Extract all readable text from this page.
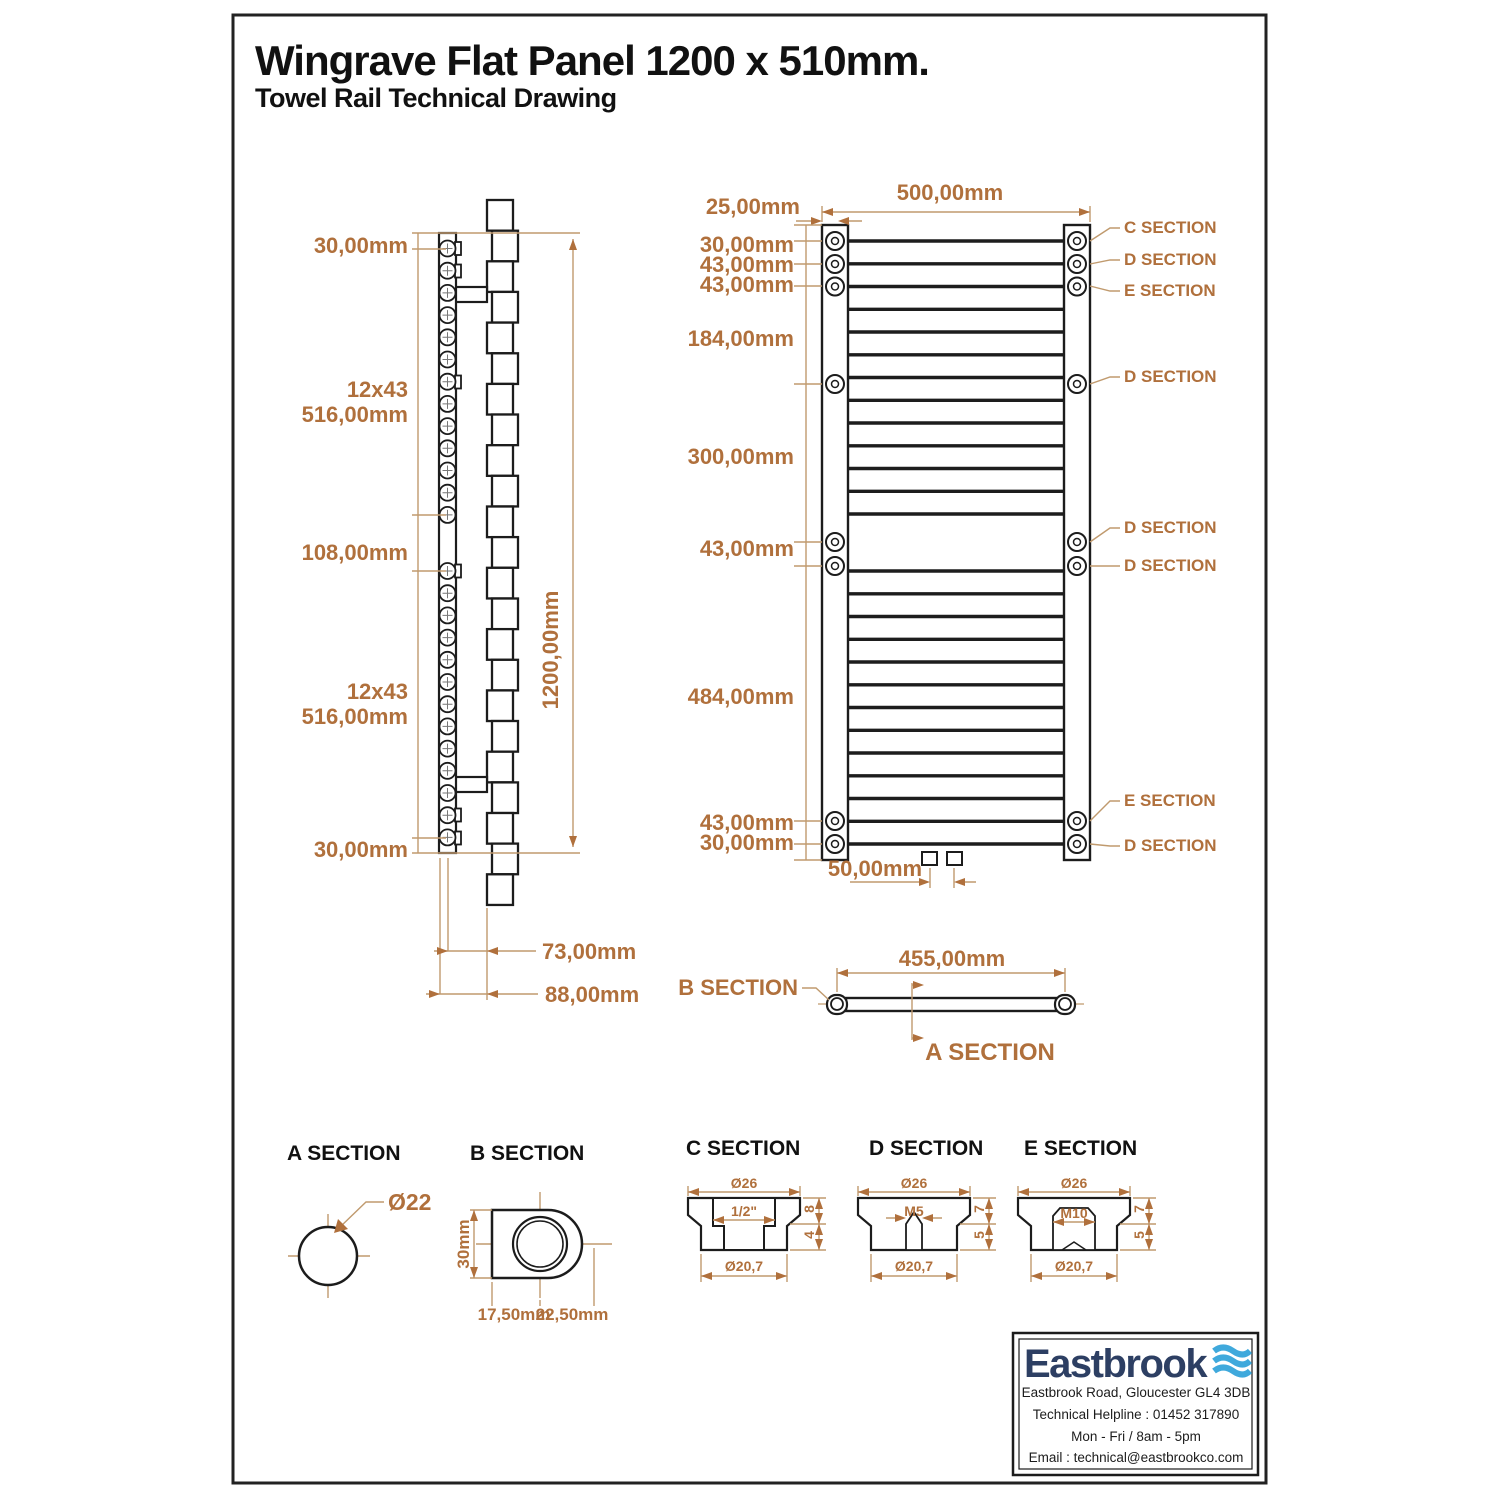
Wingrave Flat Panel 1200 x 510mm.
Towel Rail Technical Drawing
30,00mm
12x43
516,00mm
108,00mm
12x43
516,00mm
30,00mm
1200,00mm
73,00mm
88,00mm
500,00mm
25,00mm
30,00mm
43,00mm
43,00mm
184,00mm
300,00mm
43,00mm
484,00mm
43,00mm
30,00mm
50,00mm
C SECTION
D SECTION
E SECTION
D SECTION
D SECTION
D SECTION
E SECTION
D SECTION
455,00mm
B SECTION
A SECTION
A SECTION
Ø22
B SECTION
30mm
17,50mm
22,50mm
C SECTION
Ø26
1/2"
Ø20,7
8
4
D SECTION
Ø26
M5
Ø20,7
7
5
E SECTION
Ø26
M10
Ø20,7
7
5
Eastbrook
Eastbrook Road, Gloucester GL4 3DB
Technical Helpline : 01452 317890
Mon - Fri / 8am - 5pm
Email : technical@eastbrookco.com
